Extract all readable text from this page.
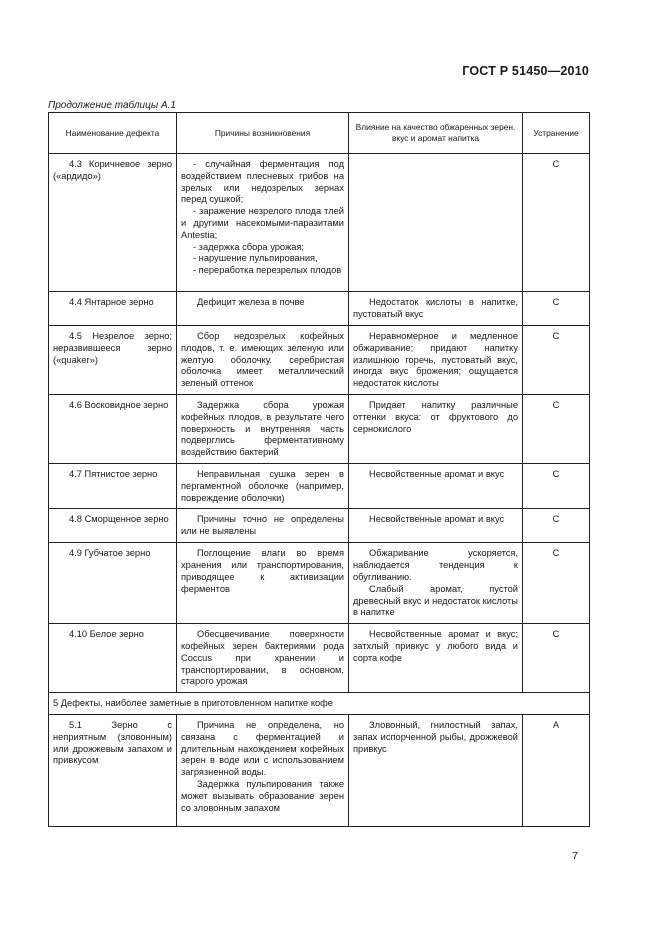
ГОСТ Р 51450—2010
Продолжение таблицы А.1
Наименование дефекта	Причины возникновения	Влияние на качество обжаренных зерен. вкус и аромат напитка	Устранение
4.3 Коричневое зерно («ардидо»)	- случайная ферментация под воздействием плесневых грибов на зрелых или недозрелых зернах перед сушкой;
- заражение незрелого плода тлей и другими насекомыми-паразитами Antestia;
- задержка сбора урожая;
- нарушение пульпирования,
- переработка перезрелых плодов		С
4.4 Янтарное зерно	Дефицит железа в почве	Недостаток кислоты в напитке, пустоватый вкус	С
4.5 Незрелое зерно; неразвившееся зерно («quaker»)	Сбор недозрелых кофейных плодов, т. е. имеющих зеленую или желтую оболочку. серебристая оболочка имеет металлический зеленый оттенок	Неравномерное и медленное обжаривание; придают напитку излишнюю горечь, пустоватый вкус, иногда вкус брожения; ощущается недостаток кислоты	С
4.6 Восковидное зерно	Задержка сбора урожая кофейных плодов, в результате чего поверхность и внутренняя часть подверглись ферментативному воздействию бактерий	Придает напитку различные оттенки вкуса: от фруктового до сернокислого	С
4.7 Пятнистое зерно	Неправильная сушка зерен в пергаментной оболочке (например, повреждение оболочки)	Несвойственные аромат и вкус	С
4.8 Сморщенное зерно	Причины точно не определены или не выявлены	Несвойственные аромат и вкус	С
4.9 Губчатое зерно	Поглощение влаги во время хранения или транспортирования, приводящее к активизации ферментов	Обжаривание ускоряется, наблюдается тенденция к обугливанию.

Слабый аромат, пустой древесный вкус и недостаток кислоты в напитке	С
4.10 Белое зерно	Обесцвечивание поверхности кофейных зерен бактериями рода Coccus при хранении и транспортировании, в основном, старого урожая	Несвойственные аромат и вкус; затхлый привкус у любого вида и сорта кофе	С
5 Дефекты, наиболее заметные в приготовленном напитке кофе			
5.1 Зерно с неприятным (зловонным) или дрожжевым запахом и привкусом	Причина не определена, но связана с ферментацией и длительным нахождением кофейных зерен в воде или с использованием загрязненной воды.

Задержка пульпирования также может вызывать образование зерен со зловонным запахом	Зловонный, гнилостный запах, запах испорченной рыбы, дрожжевой привкус	А
7
